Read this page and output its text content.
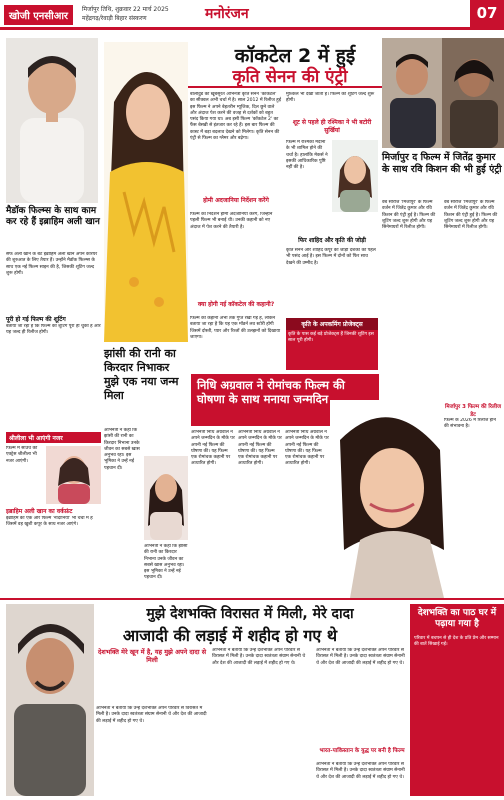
खोजी एनसीआर
मिर्जापुर तिथि, शुक्रवार 22 मार्च 2025
महेंद्रगढ़/रेवाड़ी बिहार संस्करण	मनोरंजन	07
मैडॉक फिल्म्स के साथ काम कर रहे हैं इब्राहिम अली खान
सैफ अली खान के बेटे इब्राहिम अली खान अपने करियर की शुरुआत के लिए तैयार हैं। उन्होंने मैडॉक फिल्म्स के साथ एक नई फिल्म साइन की है, जिसकी शूटिंग जल्द शुरू होगी।
पूरी हो गई फिल्म की शूटिंग
बताया जा रहा है कि फिल्म की शूटिंग पूरी हो चुकी है और यह जल्द ही रिलीज होगी।
श्रीलीला भी आएंगी नजर
फिल्म में साउथ की एक्ट्रेस श्रीलीला भी नजर आएंगी।
इब्राहिम अली खान का वर्कफ्रंट
इब्राहिम की एक और फिल्म 'नादानियां' भी चर्चा में है जिसमें वह खुशी कपूर के साथ नजर आएंगे।
कॉकटेल 2 में हुई
कृति सेनन की एंट्री
बॉलीवुड की खूबसूरत अभिनेत्री कृति सेनन 'कॉकटेल' का सीक्वल अभी चर्चा में है। साल 2012 में रिलीज हुई इस फिल्म ने अपने बेहतरीन म्यूजिक, दिल छूने वाले और अंदाज पेश करने की वजह से दर्शकों को बहुत पसंद किया गया था। अब इसी फिल्म 'कॉकटेल 2' का फैंस बेसब्री से इंतजार कर रहे हैं। इस बार फिल्म की कास्ट में बड़ा बदलाव देखने को मिलेगा। कृति सेनन की एंट्री से फिल्म का ग्लैमर और बढ़ेगा।
होमी अदजानिया निर्देशन करेंगे
फिल्म का निर्देशन होमी अदजानिया करेंगे, जिन्होंने पहली फिल्म भी बनाई थी। उनकी कहानी को नए अंदाज में पेश करने की तैयारी है।
क्या होगी नई कॉकटेल की कहानी?
फिल्म की कहानी अभी तक गुप्त रखी गई है, लेकिन बताया जा रहा है कि यह एक मॉडर्न लव स्टोरी होगी जिसमें दोस्ती, प्यार और रिश्तों की उलझनों को दिखाया जाएगा।
मुश्किलें भी देखी जाती हैं। फिल्म की शूटिंग जल्द शुरू होगी।
शूट से पहले ही रश्मिका ने भी बटोरी सुर्खियां
फिल्म में रश्मिका मंदाना के भी शामिल होने की चर्चा है। हालांकि मेकर्स ने इसकी आधिकारिक पुष्टि नहीं की है।
फिर शाहिद और कृति की जोड़ी
कृति सेनन और शाहिद कपूर की जोड़ी दर्शकों को पहले भी पसंद आई है। इस फिल्म में दोनों को फिर साथ देखने की उम्मीद है।
कृति के अपकमिंग प्रोजेक्ट्स
कृति के पास कई बड़े प्रोजेक्ट्स हैं जिनकी शूटिंग इस साल पूरी होगी।
मिर्जापुर द फिल्म में जितेंद्र कुमार के साथ रवि किशन की भी हुई एंट्री
वेब सीरीज 'मिर्जापुर' के फिल्म वर्जन में जितेंद्र कुमार और रवि किशन की एंट्री हुई है। फिल्म की शूटिंग जल्द शुरू होगी और यह सिनेमाघरों में रिलीज होगी।
वेब सीरीज 'मिर्जापुर' के फिल्म वर्जन में जितेंद्र कुमार और रवि किशन की एंट्री हुई है। फिल्म की शूटिंग जल्द शुरू होगी और यह सिनेमाघरों में रिलीज होगी।
मिर्जापुर 3 फिल्म की रिलीज डेट
फिल्म के 2026 में रिलीज होने की संभावना है।
झांसी की रानी का किरदार निभाकर मुझे एक नया जन्म मिला
अभिनेत्री ने कहा कि झांसी की रानी का किरदार निभाना उनके जीवन का सबसे खास अनुभव रहा। इस भूमिका ने उन्हें नई पहचान दी।
अभिनेत्री ने कहा कि झांसी की रानी का किरदार निभाना उनके जीवन का सबसे खास अनुभव रहा। इस भूमिका ने उन्हें नई पहचान दी।
निधि अग्रवाल ने रोमांचक फिल्म की घोषणा के साथ मनाया जन्मदिन
अभिनेत्री निधि अग्रवाल ने अपने जन्मदिन के मौके पर अपनी नई फिल्म की घोषणा की। यह फिल्म एक रोमांचक कहानी पर आधारित होगी।
अभिनेत्री निधि अग्रवाल ने अपने जन्मदिन के मौके पर अपनी नई फिल्म की घोषणा की। यह फिल्म एक रोमांचक कहानी पर आधारित होगी।
अभिनेत्री निधि अग्रवाल ने अपने जन्मदिन के मौके पर अपनी नई फिल्म की घोषणा की। यह फिल्म एक रोमांचक कहानी पर आधारित होगी।
मुझे देशभक्ति विरासत में मिली, मेरे दादा
आजादी की लड़ाई में शहीद हो गए थे
देशभक्ति मेरे खून में है, यह मुझे अपने दादा से मिली
अभिनेता ने बताया कि उन्हें देशभक्ति अपने परिवार से विरासत में मिली है। उनके दादा स्वतंत्रता संग्राम सेनानी थे और देश की आजादी की लड़ाई में शहीद हो गए थे।
अभिनेता ने बताया कि उन्हें देशभक्ति अपने परिवार से विरासत में मिली है। उनके दादा स्वतंत्रता संग्राम सेनानी थे और देश की आजादी की लड़ाई में शहीद हो गए थे।
अभिनेता ने बताया कि उन्हें देशभक्ति अपने परिवार से विरासत में मिली है। उनके दादा स्वतंत्रता संग्राम सेनानी थे और देश की आजादी की लड़ाई में शहीद हो गए थे।
भारत-पाकिस्तान के युद्ध पर बनी है फिल्म
अभिनेता ने बताया कि उन्हें देशभक्ति अपने परिवार से विरासत में मिली है। उनके दादा स्वतंत्रता संग्राम सेनानी थे और देश की आजादी की लड़ाई में शहीद हो गए थे।
देशभक्ति का पाठ घर में पढ़ाया गया है
परिवार में बचपन से ही देश के प्रति प्रेम और सम्मान की बातें सिखाई गईं।
